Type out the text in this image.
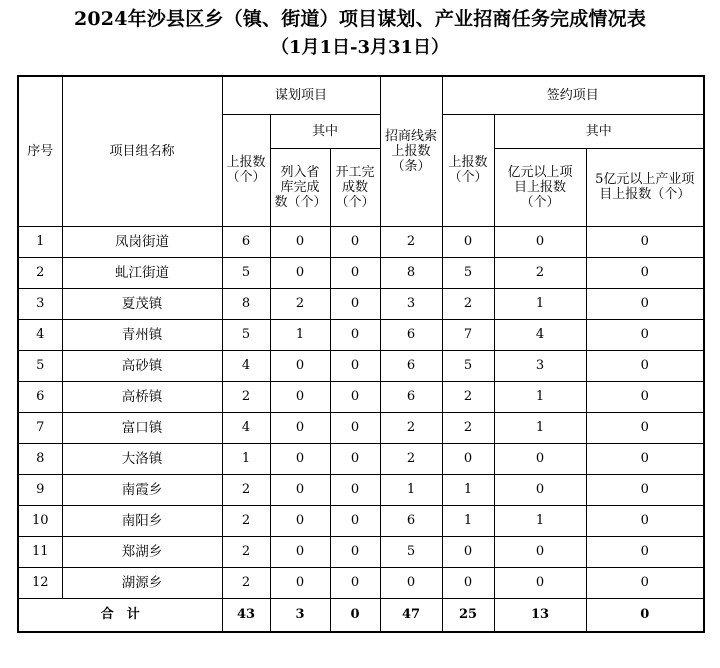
2024年沙县区乡（镇、街道）项目谋划、产业招商任务完成情况表
（1月1日-3月31日）
序号	项目组名称	谋划项目			招商线索上报数（条）	签约项目		
		上报数（个）	其中			上报数（个）	其中	
			列入省库完成数（个）	开工完成数（个）			亿元以上项目上报数（个）	5亿元以上产业项目上报数（个）
1	凤岗街道	6	0	0	2	0	0	0
2	虬江街道	5	0	0	8	5	2	0
3	夏茂镇	8	2	0	3	2	1	0
4	青州镇	5	1	0	6	7	4	0
5	高砂镇	4	0	0	6	5	3	0
6	高桥镇	2	0	0	6	2	1	0
7	富口镇	4	0	0	2	2	1	0
8	大洛镇	1	0	0	2	0	0	0
9	南霞乡	2	0	0	1	1	0	0
10	南阳乡	2	0	0	6	1	1	0
11	郑湖乡	2	0	0	5	0	0	0
12	湖源乡	2	0	0	0	0	0	0
合　计		43	3	0	47	25	13	0
